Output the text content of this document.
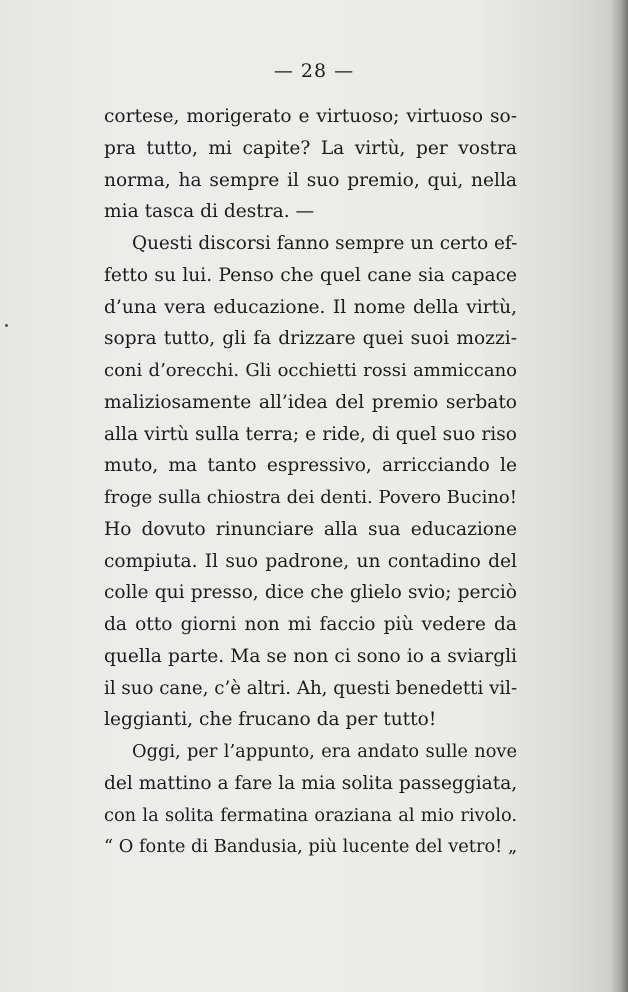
— 28 —
cortese, morigerato e virtuoso; virtuoso so-
pra tutto, mi capite? La virtù, per vostra
norma, ha sempre il suo premio, qui, nella
mia tasca di destra. —
Questi discorsi fanno sempre un certo ef-
fetto su lui. Penso che quel cane sia capace
d’una vera educazione. Il nome della virtù,
sopra tutto, gli fa drizzare quei suoi mozzi-
coni d’orecchi. Gli occhietti rossi ammiccano
maliziosamente all’idea del premio serbato
alla virtù sulla terra; e ride, di quel suo riso
muto, ma tanto espressivo, arricciando le
froge sulla chiostra dei denti. Povero Bucino!
Ho dovuto rinunciare alla sua educazione
compiuta. Il suo padrone, un contadino del
colle qui presso, dice che glielo svio; perciò
da otto giorni non mi faccio più vedere da
quella parte. Ma se non ci sono io a sviargli
il suo cane, c’è altri. Ah, questi benedetti vil-
leggianti, che frucano da per tutto!
Oggi, per l’appunto, era andato sulle nove
del mattino a fare la mia solita passeggiata,
con la solita fermatina oraziana al mio rivolo.
“ O fonte di Bandusia, più lucente del vetro! „
